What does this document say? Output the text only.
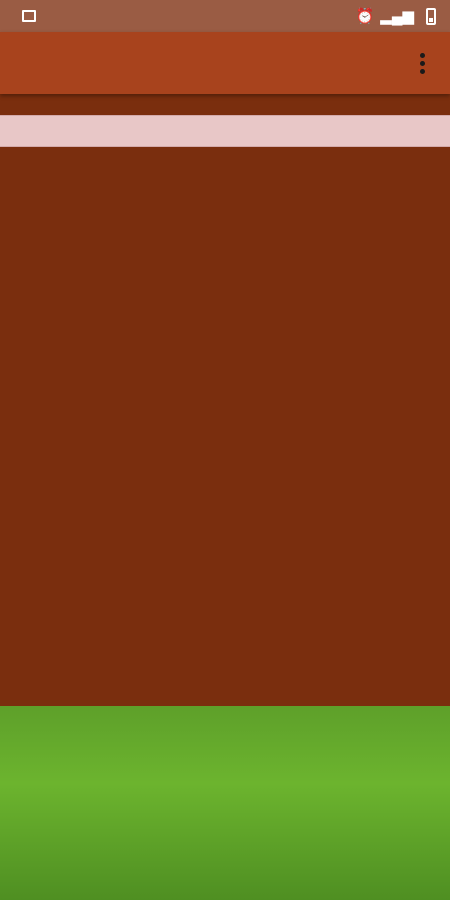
⏰ ▂▄▆
